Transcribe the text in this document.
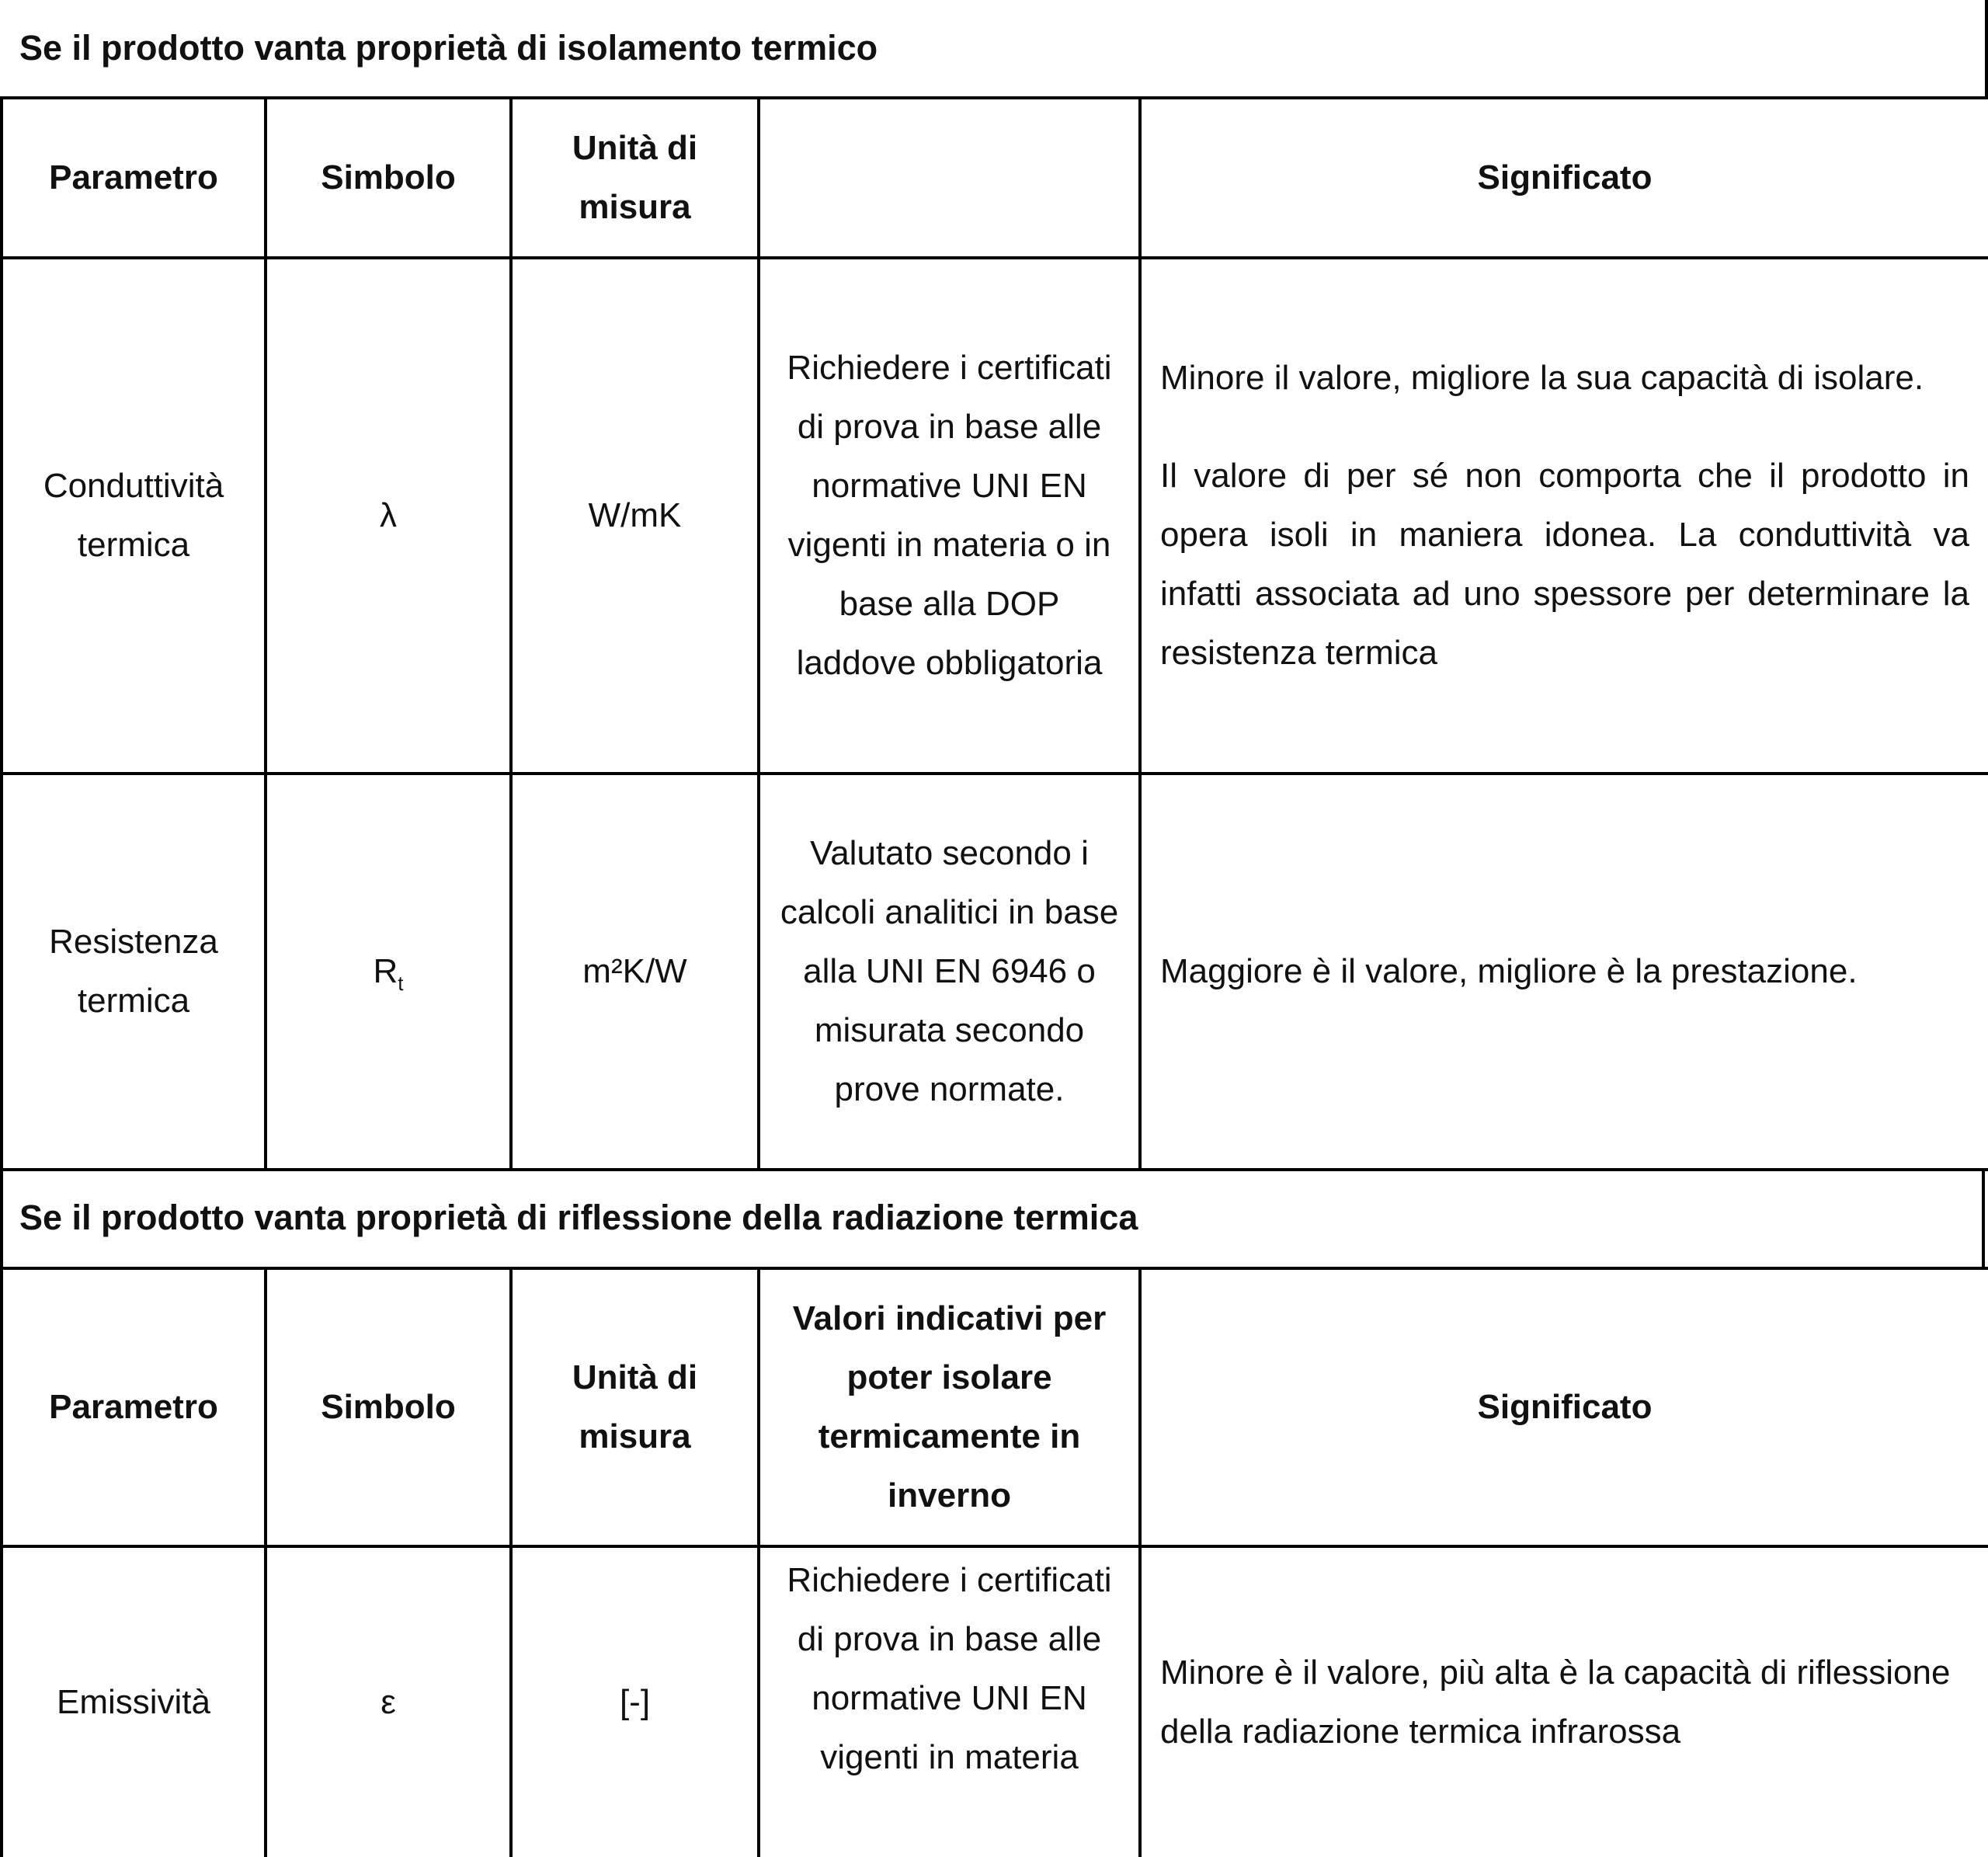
Se il prodotto vanta proprietà di isolamento termico
Parametro	Simbolo	Unità di misura		Significato

Conduttività termica	λ	W/mK	Richiedere i certificati di prova in base alle normative UNI EN vigenti in materia o in base alla DOP laddove obbligatoria	Minore il valore, migliore la sua capacità di isolare.

Il valore di per sé non comporta che il prodotto in opera isoli in maniera idonea. La conduttività va infatti associata ad uno spessore per determinare la resistenza termica

Resistenza termica	$R_t$	m²K/W	Valutato secondo i calcoli analitici in base alla UNI EN 6946 o misurata secondo prove normate.	Maggiore è il valore, migliore è la prestazione.

Se il prodotto vanta proprietà di riflessione della radiazione termica
Parametro	Simbolo	Unità di misura	Valori indicativi per poter isolare termicamente in inverno	Significato
Emissività	ε	[-]	Richiedere i certificati di prova in base alle normative UNI EN vigenti in materia	Minore è il valore, più alta è la capacità di riflessione della radiazione termica infrarossa
